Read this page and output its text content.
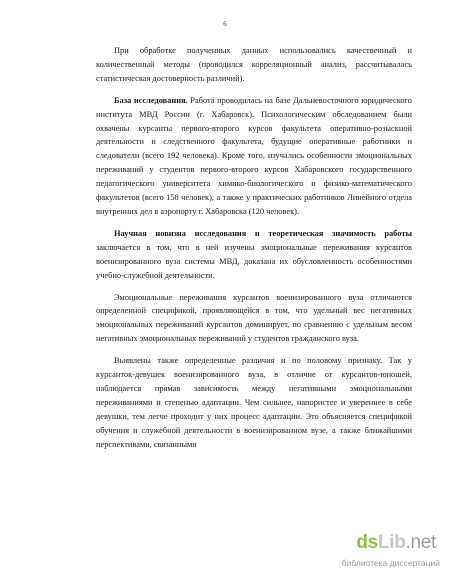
6

При обработке полученных данных использовались качественный и количественный методы (проводился корреляционный анализ, рассчитывалась статистическая достоверность различий).

База исследования. Работа проводилась на базе Дальневосточного юридического института МВД России (г. Хабаровск). Психологическим обследованием были охвачены курсанты первого-второго курсов факультета оперативно-розыскной деятельности и следственного факультета, будущие оперативные работники и следователи (всего 192 человека). Кроме того, изучались особенности эмоциональных переживаний у студентов первого-второго курсов Хабаровского государственного педагогического университета химико-биологического и физико-математического факультетов (всего 158 человек), а также у практических работников Линейного отдела внутренних дел в аэропорту г. Хабаровска (120 человек).

Научная новизна исследования и теоретическая значимость работы заключается в том, что в ней изучены эмоциональные переживания курсантов военизированного вуза системы МВД, доказана их обусловленность особенностями учебно-служебной деятельности.

Эмоциональные переживания курсантов военизированного вуза отличаются определенной спецификой, проявляющейся в том, что удельный вес негативных эмоциональных переживаний курсантов доминирует, по сравнению с удельным весом негативных эмоциональных переживаний у студентов гражданского вуза.

Выявлены также определенные различия и по половому признаку. Так у курсанток-девушек военизированного вуза, в отличие от курсантов-юношей, наблюдается прямая зависимость между негативными эмоциональными переживаниями и степенью адаптации. Чем сильнее, напористее и увереннее в себе девушки, тем легче проходит у них процесс адаптации. Это объясняется спецификой обучения и служебной деятельности в военизированном вузе, а также ближайшими перспективами, связанными

dsLib.net
библиотека диссертаций
